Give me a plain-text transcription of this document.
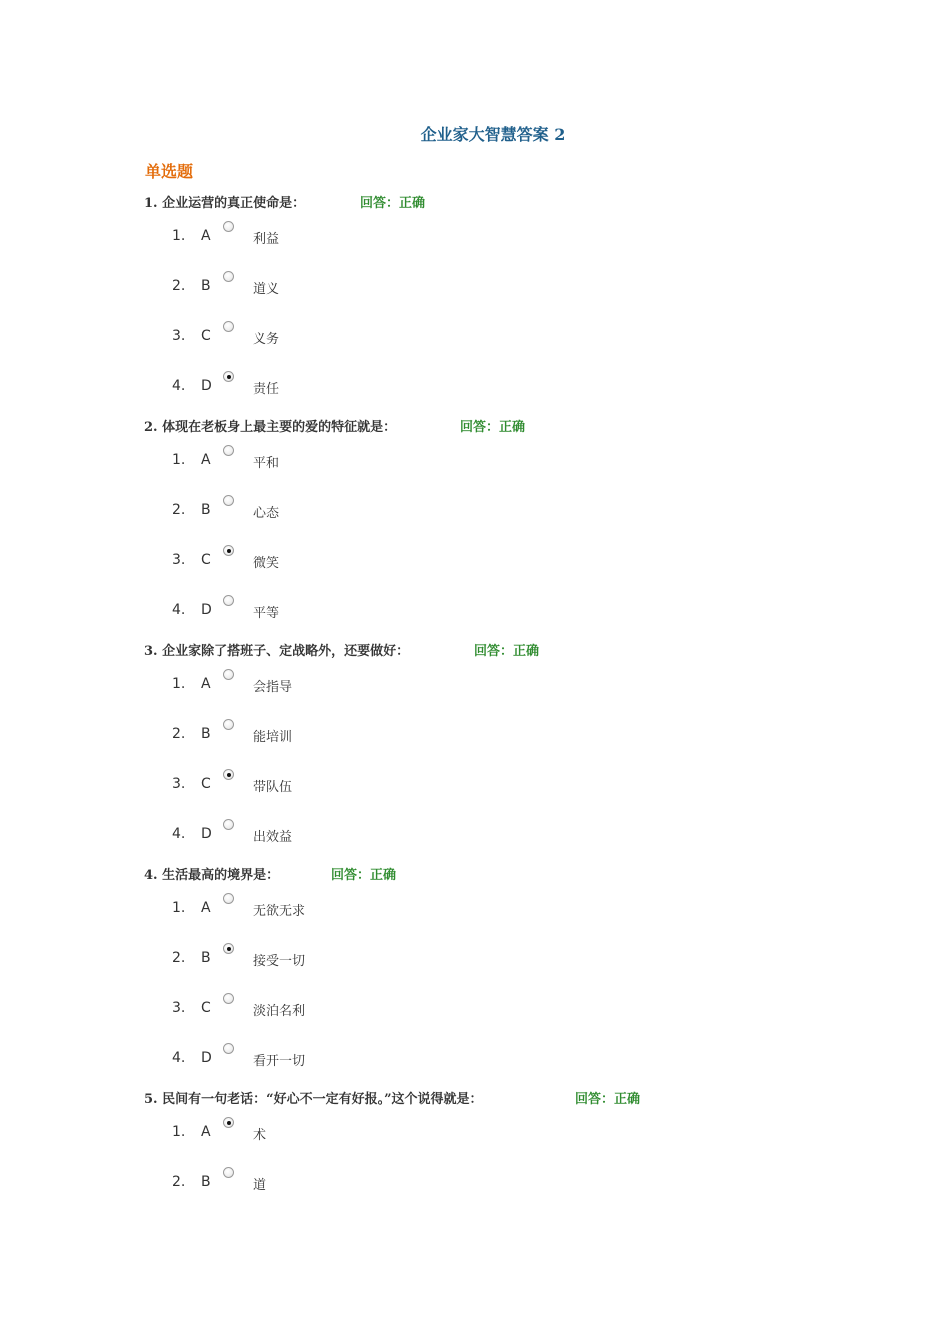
企业家大智慧答案 2
单选题
1. 企业运营的真正使命是：	回答：正确
1. A	利益
2. B	道义
3. C	义务
4. D	责任
2. 体现在老板身上最主要的爱的特征就是：	回答：正确
1. A	平和
2. B	心态
3. C	微笑
4. D	平等
3. 企业家除了搭班子、定战略外，还要做好：	回答：正确
1. A	会指导
2. B	能培训
3. C	带队伍
4. D	出效益
4. 生活最高的境界是：	回答：正确
1. A	无欲无求
2. B	接受一切
3. C	淡泊名利
4. D	看开一切
5. 民间有一句老话：“好心不一定有好报。”这个说得就是：	回答：正确
1. A	术
2. B	道
